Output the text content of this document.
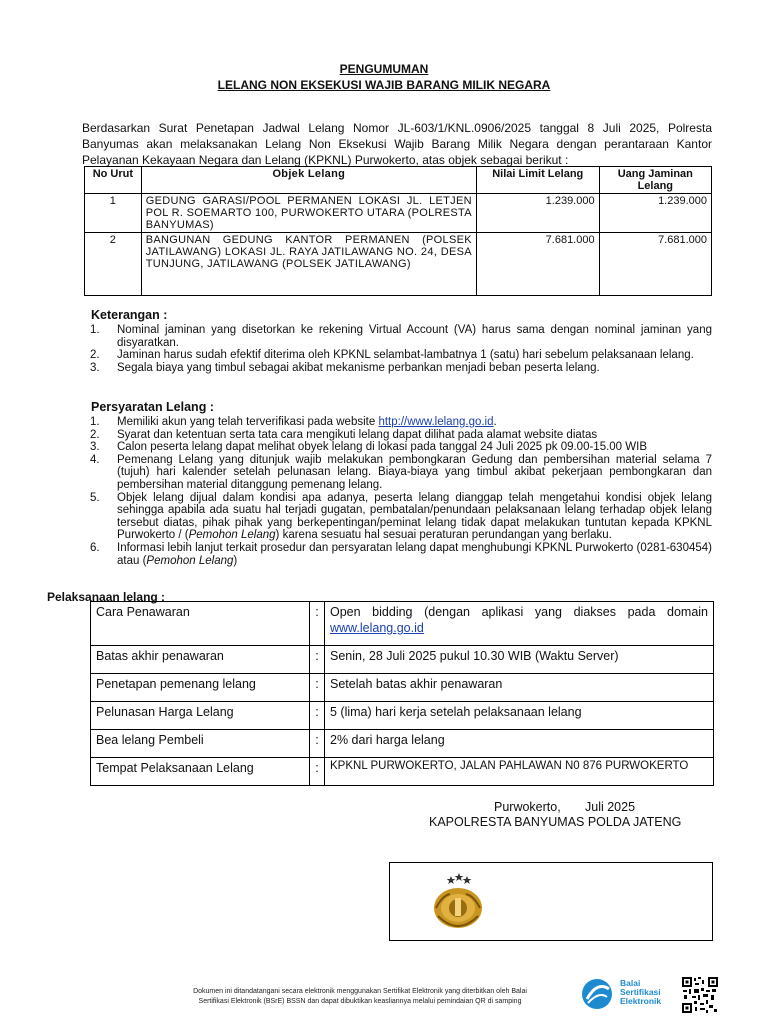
PENGUMUMAN
LELANG NON EKSEKUSI WAJIB BARANG MILIK NEGARA
Berdasarkan Surat Penetapan Jadwal Lelang Nomor JL-603/1/KNL.0906/2025 tanggal 8 Juli 2025, Polresta Banyumas akan melaksanakan Lelang Non Eksekusi Wajib Barang Milik Negara dengan perantaraan Kantor Pelayanan Kekayaan Negara dan Lelang (KPKNL) Purwokerto, atas objek sebagai berikut :
No Urut	Objek Lelang	Nilai Limit Lelang	Uang Jaminan Lelang
1	GEDUNG GARASI/POOL PERMANEN LOKASI JL. LETJEN POL R. SOEMARTO 100, PURWOKERTO UTARA (POLRESTA BANYUMAS)	1.239.000	1.239.000
2	BANGUNAN GEDUNG KANTOR PERMANEN (POLSEK JATILAWANG) LOKASI JL. RAYA JATILAWANG NO. 24, DESA TUNJUNG, JATILAWANG (POLSEK JATILAWANG)	7.681.000	7.681.000
Keterangan :
1. Nominal jaminan yang disetorkan ke rekening Virtual Account (VA) harus sama dengan nominal jaminan yang disyaratkan.
2. Jaminan harus sudah efektif diterima oleh KPKNL selambat-lambatnya 1 (satu) hari sebelum pelaksanaan lelang.
3. Segala biaya yang timbul sebagai akibat mekanisme perbankan menjadi beban peserta lelang.
Persyaratan Lelang :
1. Memiliki akun yang telah terverifikasi pada website http://www.lelang.go.id.
2. Syarat dan ketentuan serta tata cara mengikuti lelang dapat dilihat pada alamat website diatas
3. Calon peserta lelang dapat melihat obyek lelang di lokasi pada tanggal 24 Juli 2025 pk 09.00-15.00 WIB
4. Pemenang Lelang yang ditunjuk wajib melakukan pembongkaran Gedung dan pembersihan material selama 7 (tujuh) hari kalender setelah pelunasan lelang. Biaya-biaya yang timbul akibat pekerjaan pembongkaran dan pembersihan material ditanggung pemenang lelang.
5. Objek lelang dijual dalam kondisi apa adanya, peserta lelang dianggap telah mengetahui kondisi objek lelang sehingga apabila ada suatu hal terjadi gugatan, pembatalan/penundaan pelaksanaan lelang terhadap objek lelang tersebut diatas, pihak pihak yang berkepentingan/peminat lelang tidak dapat melakukan tuntutan kepada KPKNL Purwokerto / (Pemohon Lelang) karena sesuatu hal sesuai peraturan perundangan yang berlaku.
6. Informasi lebih lanjut terkait prosedur dan persyaratan lelang dapat menghubungi KPKNL Purwokerto (0281-630454) atau (Pemohon Lelang)
Pelaksanaan lelang :
Cara Penawaran	:	Open bidding (dengan aplikasi yang diakses pada domain www.lelang.go.id
Batas akhir penawaran	:	Senin, 28 Juli 2025 pukul 10.30 WIB (Waktu Server)
Penetapan pemenang lelang	:	Setelah batas akhir penawaran
Pelunasan Harga Lelang	:	5 (lima) hari kerja setelah pelaksanaan lelang
Bea lelang Pembeli	:	2% dari harga lelang
Tempat Pelaksanaan Lelang	:	KPKNL PURWOKERTO, JALAN PAHLAWAN N0 876 PURWOKERTO
Purwokerto,       Juli 2025
KAPOLRESTA BANYUMAS POLDA JATENG
Dokumen ini ditandatangani secara elektronik menggunakan Sertifikat Elektronik yang diterbitkan oleh Balai
Sertifikasi Elektronik (BSrE) BSSN dan dapat dibuktikan keasliannya melalui pemindaian QR di samping
Balai
Sertifikasi
Elektronik
